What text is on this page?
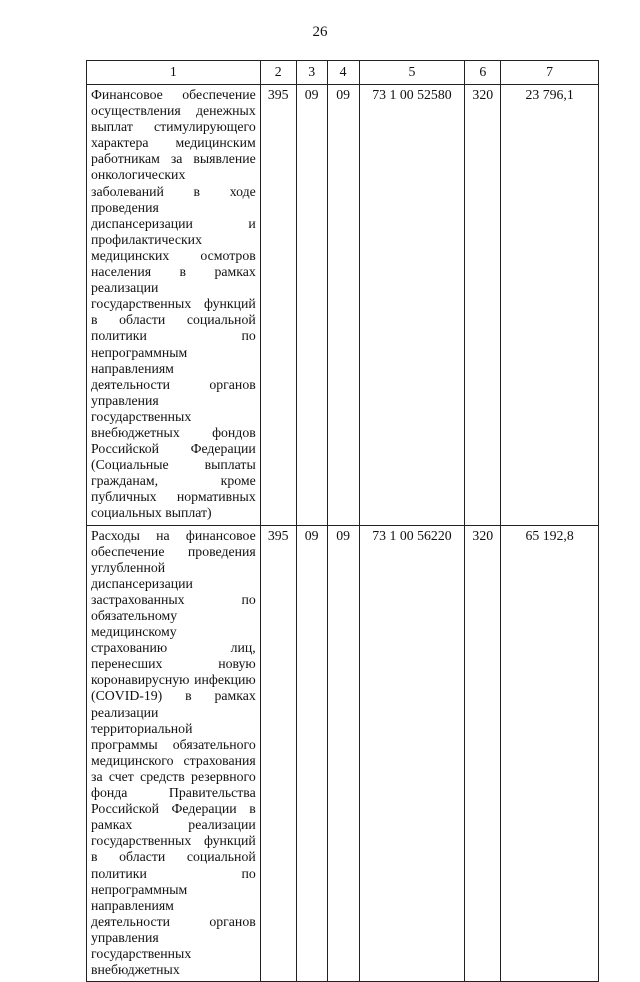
26
1	2	3	4	5	6	7
Финансовое обеспечение осуществления денежных выплат стимулирующего характера медицинским работникам за выявление онкологических заболеваний в ходе проведения диспансеризации и профилактических медицинских осмотров населения в рамках реализации государственных функций в области социальной политики по непрограммным направлениям деятельности органов управления государственных внебюджетных фондов Российской Федерации (Социальные выплаты гражданам, кроме публичных нормативных социальных выплат)	395	09	09	73 1 00 52580	320	23 796,1
Расходы на финансовое обеспечение проведения углубленной диспансеризации застрахованных по обязательному медицинскому страхованию лиц, перенесших новую коронавирусную инфекцию (COVID-19) в рамках реализации территориальной программы обязательного медицинского страхования за счет средств резервного фонда Правительства Российской Федерации в рамках реализации государственных функций в области социальной политики по непрограммным направлениям деятельности органов управления государственных внебюджетных	395	09	09	73 1 00 56220	320	65 192,8
